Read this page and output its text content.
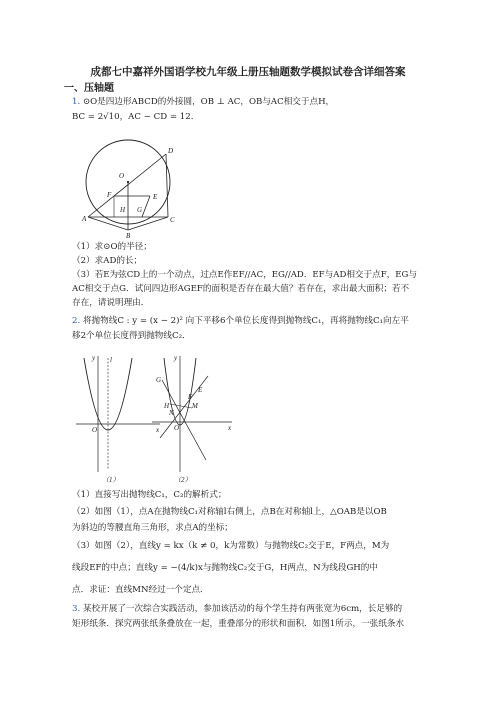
成都七中嘉祥外国语学校九年级上册压轴题数学模拟试卷含详细答案
一、压轴题
1. ⊙O是四边形ABCD的外接圆，OB ⊥ AC，OB与AC相交于点H，
BC = 2√10，AC − CD = 12．
D
O
F	E
H G
A	C
B
（1）求⊙O的半径；
（2）求AD的长；
（3）若E为弦CD上的一个动点，过点E作EF//AC，EG//AD．EF与AD相交于点F，EG与
AC相交于点G．试问四边形AGEF的面积是否存在最大值？若存在，求出最大面积；若不
存在，请说明理由．
2. 将抛物线C : y = (x − 2)² 向下平移6个单位长度得到抛物线C₁，再将抛物线C₁向左平
移2个单位长度得到抛物线C₂．
y
x
O
l
（1）
y
x
O
G
H
N
M
F
E
（2）
（1）直接写出抛物线C₁，C₂的解析式；
（2）如图（1），点A在抛物线C₁对称轴l右侧上，点B在对称轴l上，△OAB是以OB
为斜边的等腰直角三角形，求点A的坐标；
（3）如图（2），直线y = kx（k ≠ 0，k为常数）与抛物线C₂交于E，F两点，M为
线段EF的中点；直线y = −(4/k)x与抛物线C₂交于G，H两点，N为线段GH的中
点．求证：直线MN经过一个定点．
3. 某校开展了一次综合实践活动，参加该活动的每个学生持有两张宽为6cm，长足够的
矩形纸条．探究两张纸条叠放在一起，重叠部分的形状和面积．如图1所示，一张纸条水
